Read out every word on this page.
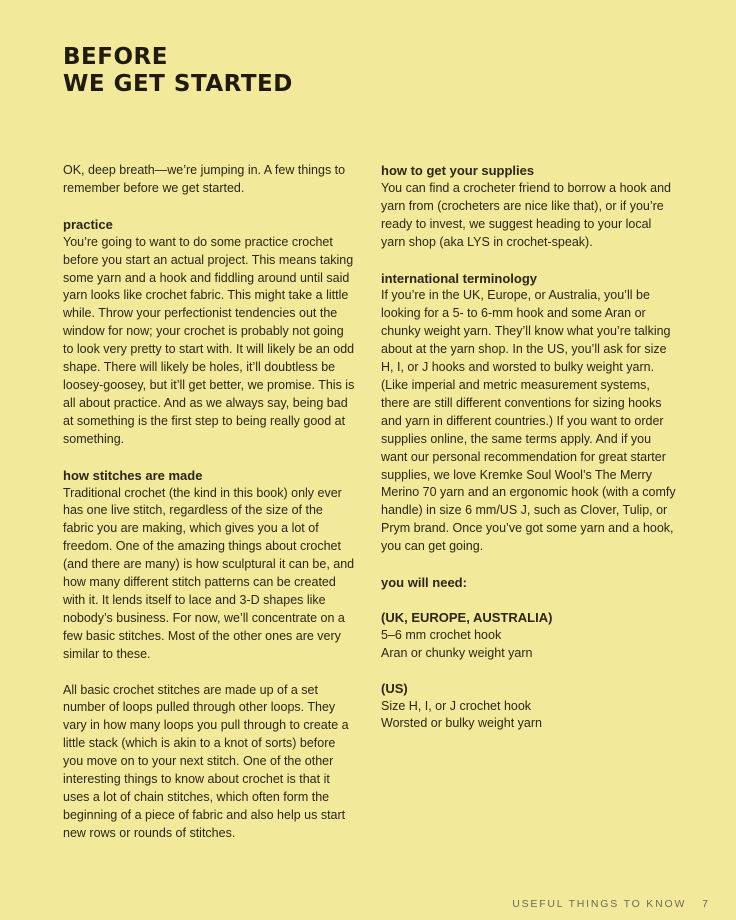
BEFORE
WE GET STARTED

OK, deep breath—we’re jumping in. A few things to remember before we get started.

practice

You’re going to want to do some practice crochet before you start an actual project. This means taking some yarn and a hook and fiddling around until said yarn looks like crochet fabric. This might take a little while. Throw your perfectionist tendencies out the window for now; your crochet is probably not going to look very pretty to start with. It will likely be an odd shape. There will likely be holes, it’ll doubtless be loosey-goosey, but it’ll get better, we promise. This is all about practice. And as we always say, being bad at something is the first step to being really good at something.

how stitches are made

Traditional crochet (the kind in this book) only ever has one live stitch, regardless of the size of the fabric you are making, which gives you a lot of freedom. One of the amazing things about crochet (and there are many) is how sculptural it can be, and how many different stitch patterns can be created with it. It lends itself to lace and 3-D shapes like nobody’s business. For now, we’ll concentrate on a few basic stitches. Most of the other ones are very similar to these.

All basic crochet stitches are made up of a set number of loops pulled through other loops. They vary in how many loops you pull through to create a little stack (which is akin to a knot of sorts) before you move on to your next stitch. One of the other interesting things to know about crochet is that it uses a lot of chain stitches, which often form the beginning of a piece of fabric and also help us start new rows or rounds of stitches.

how to get your supplies

You can find a crocheter friend to borrow a hook and yarn from (crocheters are nice like that), or if you’re ready to invest, we suggest heading to your local yarn shop (aka LYS in crochet-speak).

international terminology

If you’re in the UK, Europe, or Australia, you’ll be looking for a 5- to 6-mm hook and some Aran or chunky weight yarn. They’ll know what you’re talking about at the yarn shop. In the US, you’ll ask for size H, I, or J hooks and worsted to bulky weight yarn. (Like imperial and metric measurement systems, there are still different conventions for sizing hooks and yarn in different countries.) If you want to order supplies online, the same terms apply. And if you want our personal recommendation for great starter supplies, we love Kremke Soul Wool’s The Merry Merino 70 yarn and an ergonomic hook (with a comfy handle) in size 6 mm/US J, such as Clover, Tulip, or Prym brand. Once you’ve got some yarn and a hook, you can get going.

you will need:

(UK, EUROPE, AUSTRALIA)

5–6 mm crochet hook

Aran or chunky weight yarn

(US)

Size H, I, or J crochet hook

Worsted or bulky weight yarn

USEFUL THINGS TO KNOW 7
